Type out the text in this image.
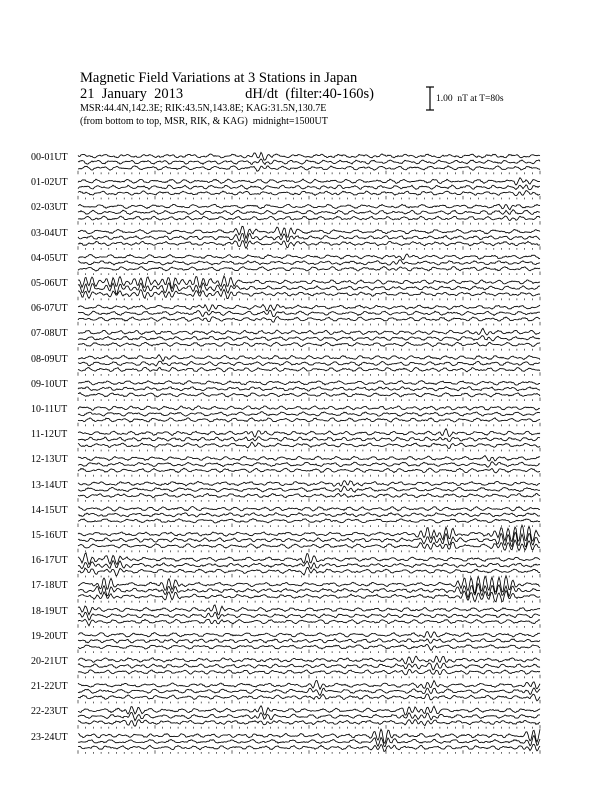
Magnetic Field Variations at 3 Stations in Japan
21  January  2013	dH/dt  (filter:40-160s)
MSR:44.4N,142.3E; RIK:43.5N,143.8E; KAG:31.5N,130.7E
(from bottom to top, MSR, RIK, & KAG)  midnight=1500UT
1.00  nT at T=80s
00-01UT
01-02UT
02-03UT
03-04UT
04-05UT
05-06UT
06-07UT
07-08UT
08-09UT
09-10UT
10-11UT
11-12UT
12-13UT
13-14UT
14-15UT
15-16UT
16-17UT
17-18UT
18-19UT
19-20UT
20-21UT
21-22UT
22-23UT
23-24UT
